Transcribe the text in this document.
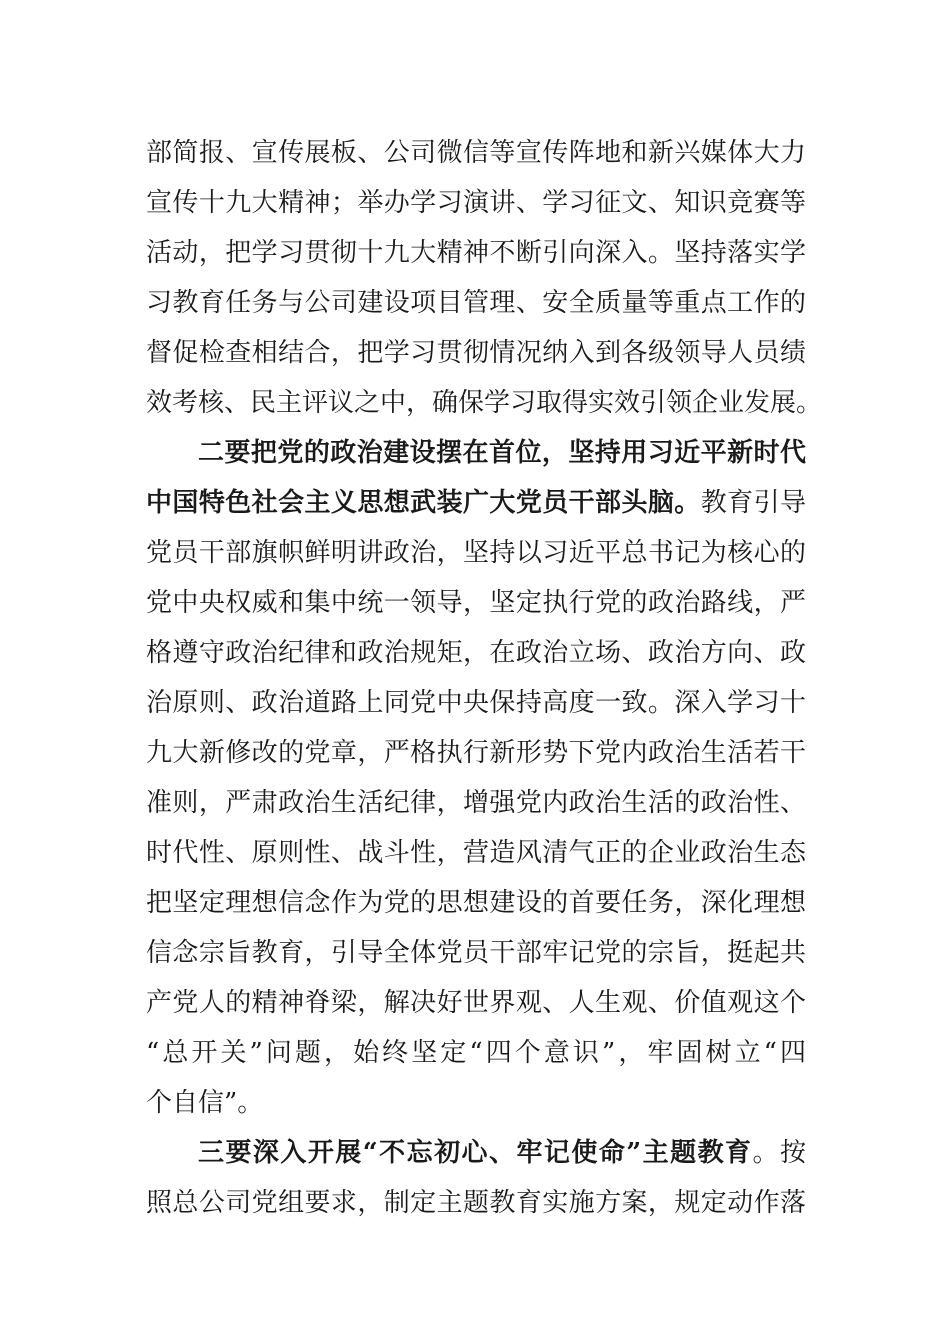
部简报、宣传展板、公司微信等宣传阵地和新兴媒体大力
宣传十九大精神；举办学习演讲、学习征文、知识竞赛等
活动，把学习贯彻十九大精神不断引向深入。坚持落实学
习教育任务与公司建设项目管理、安全质量等重点工作的
督促检查相结合，把学习贯彻情况纳入到各级领导人员绩
效考核、民主评议之中，确保学习取得实效引领企业发展。
二要把党的政治建设摆在首位，坚持用习近平新时代
中国特色社会主义思想武装广大党员干部头脑。教育引导
党员干部旗帜鲜明讲政治，坚持以习近平总书记为核心的
党中央权威和集中统一领导，坚定执行党的政治路线，严
格遵守政治纪律和政治规矩，在政治立场、政治方向、政
治原则、政治道路上同党中央保持高度一致。深入学习十
九大新修改的党章，严格执行新形势下党内政治生活若干
准则，严肃政治生活纪律，增强党内政治生活的政治性、
时代性、原则性、战斗性，营造风清气正的企业政治生态
把坚定理想信念作为党的思想建设的首要任务，深化理想
信念宗旨教育，引导全体党员干部牢记党的宗旨，挺起共
产党人的精神脊梁，解决好世界观、人生观、价值观这个
“总开关”问题，始终坚定“四个意识”，牢固树立“四
个自信”。
三要深入开展“不忘初心、牢记使命”主题教育。按
照总公司党组要求，制定主题教育实施方案，规定动作落
